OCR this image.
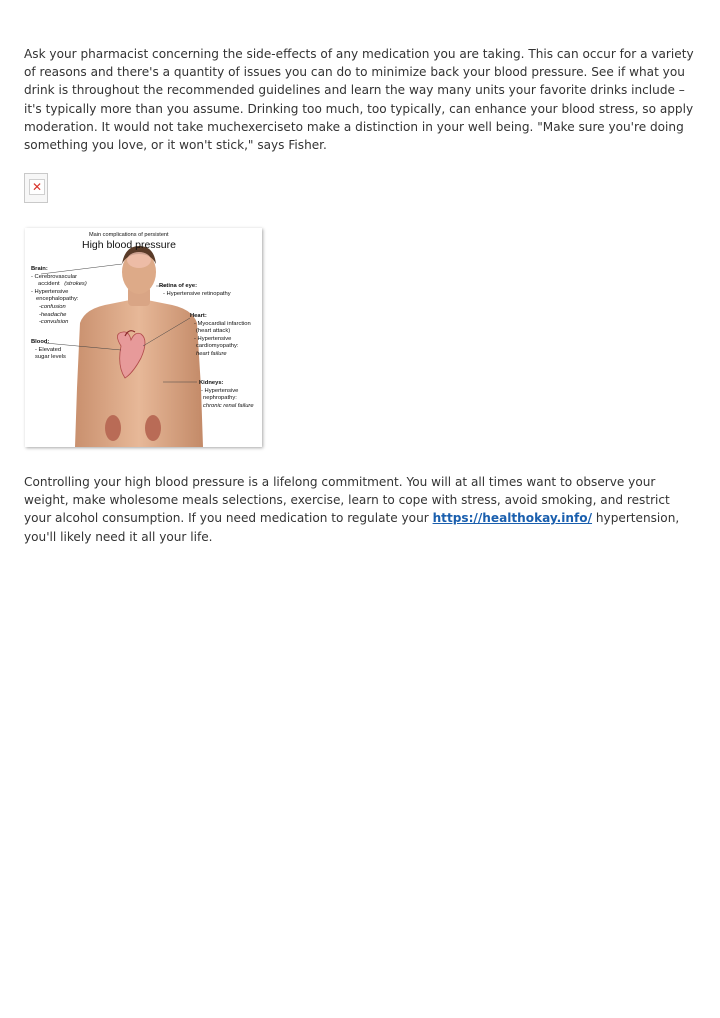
Ask your pharmacist concerning the side-effects of any medication you are taking. This can occur for a variety of reasons and there's a quantity of issues you can do to minimize back your blood pressure. See if what you drink is throughout the recommended guidelines and learn the way many units your favorite drinks include – it's typically more than you assume. Drinking too much, too typically, can enhance your blood stress, so apply moderation. It would not take muchexerciseto make a distinction in your well being. "Make sure you're doing something you love, or it won't stick," says Fisher.

✕

Main complications of persistent

High blood pressure

Brain:
- Cerebrovascular
accident (strokes)
- Hypertensive
encephalopathy:
-confusion
-headache
-convulsion
Blood:
- Elevated
sugar levels
Retina of eye:
- Hypertensive retinopathy
Heart:
- Myocardial infarction
(heart attack)
- Hypertensive
cardiomyopathy:
heart failure
Kidneys:
- Hypertensive
nephropathy:
chronic renal failure

Controlling your high blood pressure is a lifelong commitment. You will at all times want to observe your weight, make wholesome meals selections, exercise, learn to cope with stress, avoid smoking, and restrict your alcohol consumption. If you need medication to regulate your https://healthokay.info/ hypertension, you'll likely need it all your life.
